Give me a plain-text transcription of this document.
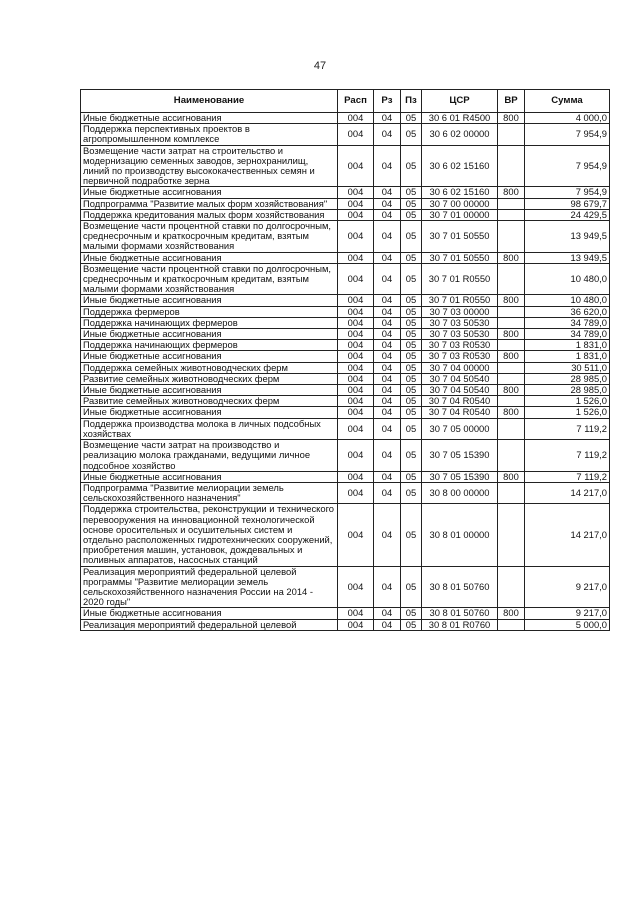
47
Наименование	Расп	Рз	Пз	ЦСР	ВР	Сумма
Иные бюджетные ассигнования	004	04	05	30 6 01 R4500	800	4 000,0
Поддержка перспективных проектов в агропромышленном комплексе	004	04	05	30 6 02 00000		7 954,9
Возмещение части затрат на строительство и модернизацию семенных заводов, зернохранилищ, линий по производству высококачественных семян и первичной подработке зерна	004	04	05	30 6 02 15160		7 954,9
Иные бюджетные ассигнования	004	04	05	30 6 02 15160	800	7 954,9
Подпрограмма "Развитие малых форм хозяйствования"	004	04	05	30 7 00 00000		98 679,7
Поддержка кредитования малых форм хозяйствования	004	04	05	30 7 01 00000		24 429,5
Возмещение части процентной ставки по долгосрочным, среднесрочным и краткосрочным кредитам, взятым малыми формами хозяйствования	004	04	05	30 7 01 50550		13 949,5
Иные бюджетные ассигнования	004	04	05	30 7 01 50550	800	13 949,5
Возмещение части процентной ставки по долгосрочным, среднесрочным и краткосрочным кредитам, взятым малыми формами хозяйствования	004	04	05	30 7 01 R0550		10 480,0
Иные бюджетные ассигнования	004	04	05	30 7 01 R0550	800	10 480,0
Поддержка фермеров	004	04	05	30 7 03 00000		36 620,0
Поддержка начинающих фермеров	004	04	05	30 7 03 50530		34 789,0
Иные бюджетные ассигнования	004	04	05	30 7 03 50530	800	34 789,0
Поддержка начинающих фермеров	004	04	05	30 7 03 R0530		1 831,0
Иные бюджетные ассигнования	004	04	05	30 7 03 R0530	800	1 831,0
Поддержка семейных животноводческих ферм	004	04	05	30 7 04 00000		30 511,0
Развитие семейных животноводческих ферм	004	04	05	30 7 04 50540		28 985,0
Иные бюджетные ассигнования	004	04	05	30 7 04 50540	800	28 985,0
Развитие семейных животноводческих ферм	004	04	05	30 7 04 R0540		1 526,0
Иные бюджетные ассигнования	004	04	05	30 7 04 R0540	800	1 526,0
Поддержка производства молока в личных подсобных хозяйствах	004	04	05	30 7 05 00000		7 119,2
Возмещение части затрат на производство и реализацию молока гражданами, ведущими личное подсобное хозяйство	004	04	05	30 7 05 15390		7 119,2
Иные бюджетные ассигнования	004	04	05	30 7 05 15390	800	7 119,2
Подпрограмма "Развитие мелиорации земель сельскохозяйственного назначения"	004	04	05	30 8 00 00000		14 217,0
Поддержка строительства, реконструкции и технического перевооружения на инновационной технологической основе оросительных и осушительных систем и отдельно расположенных гидротехнических сооружений, приобретения машин, установок, дождевальных и поливных аппаратов, насосных станций	004	04	05	30 8 01 00000		14 217,0
Реализация мероприятий федеральной целевой программы "Развитие мелиорации земель сельскохозяйственного назначения России на 2014 - 2020 годы"	004	04	05	30 8 01 50760		9 217,0
Иные бюджетные ассигнования	004	04	05	30 8 01 50760	800	9 217,0
Реализация мероприятий федеральной целевой	004	04	05	30 8 01 R0760		5 000,0
